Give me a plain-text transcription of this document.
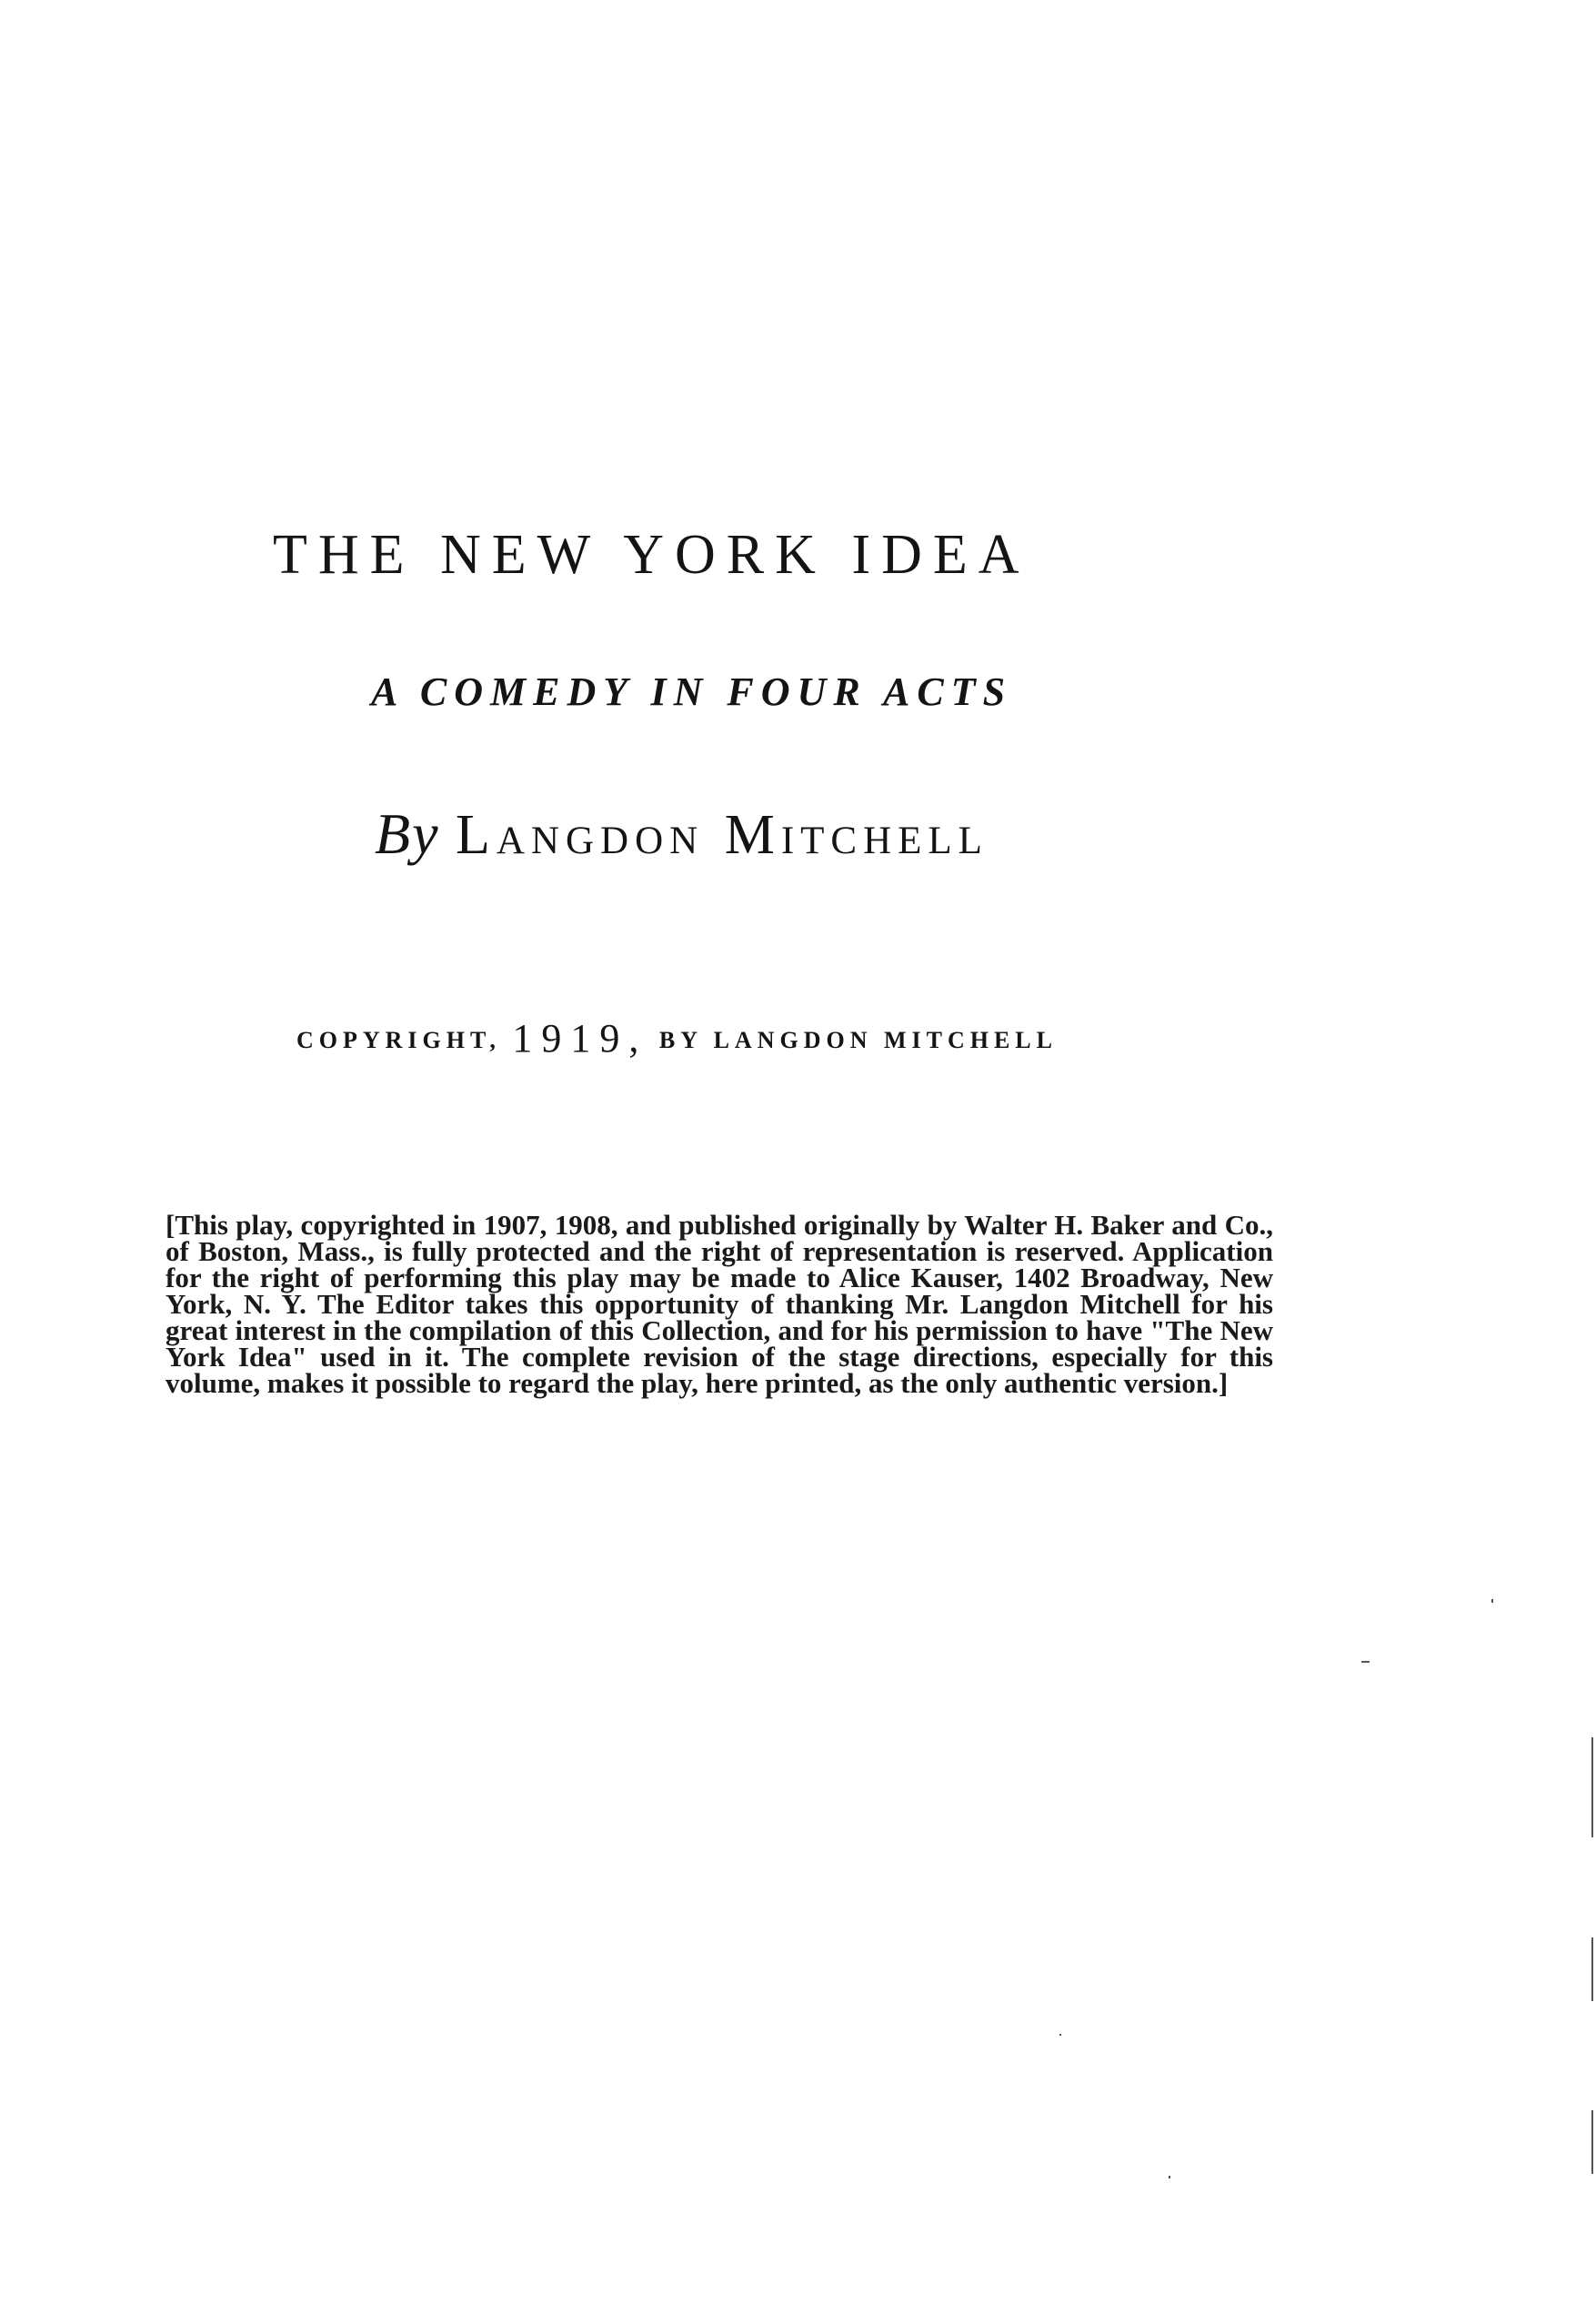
THE NEW YORK IDEA
A COMEDY IN FOUR ACTS

By Langdon Mitchell

COPYRIGHT, 1919, BY LANGDON MITCHELL

[This play, copyrighted in 1907, 1908, and published originally by Walter H. Baker and Co., of Boston, Mass., is fully protected and the right of representation is reserved. Application for the right of performing this play may be made to Alice Kauser, 1402 Broadway, New York, N. Y. The Editor takes this opportunity of thanking Mr. Langdon Mitchell for his great interest in the compilation of this Collection, and for his permission to have "The New York Idea" used in it. The complete revision of the stage directions, especially for this volume, makes it possible to regard the play, here printed, as the only authentic version.]
